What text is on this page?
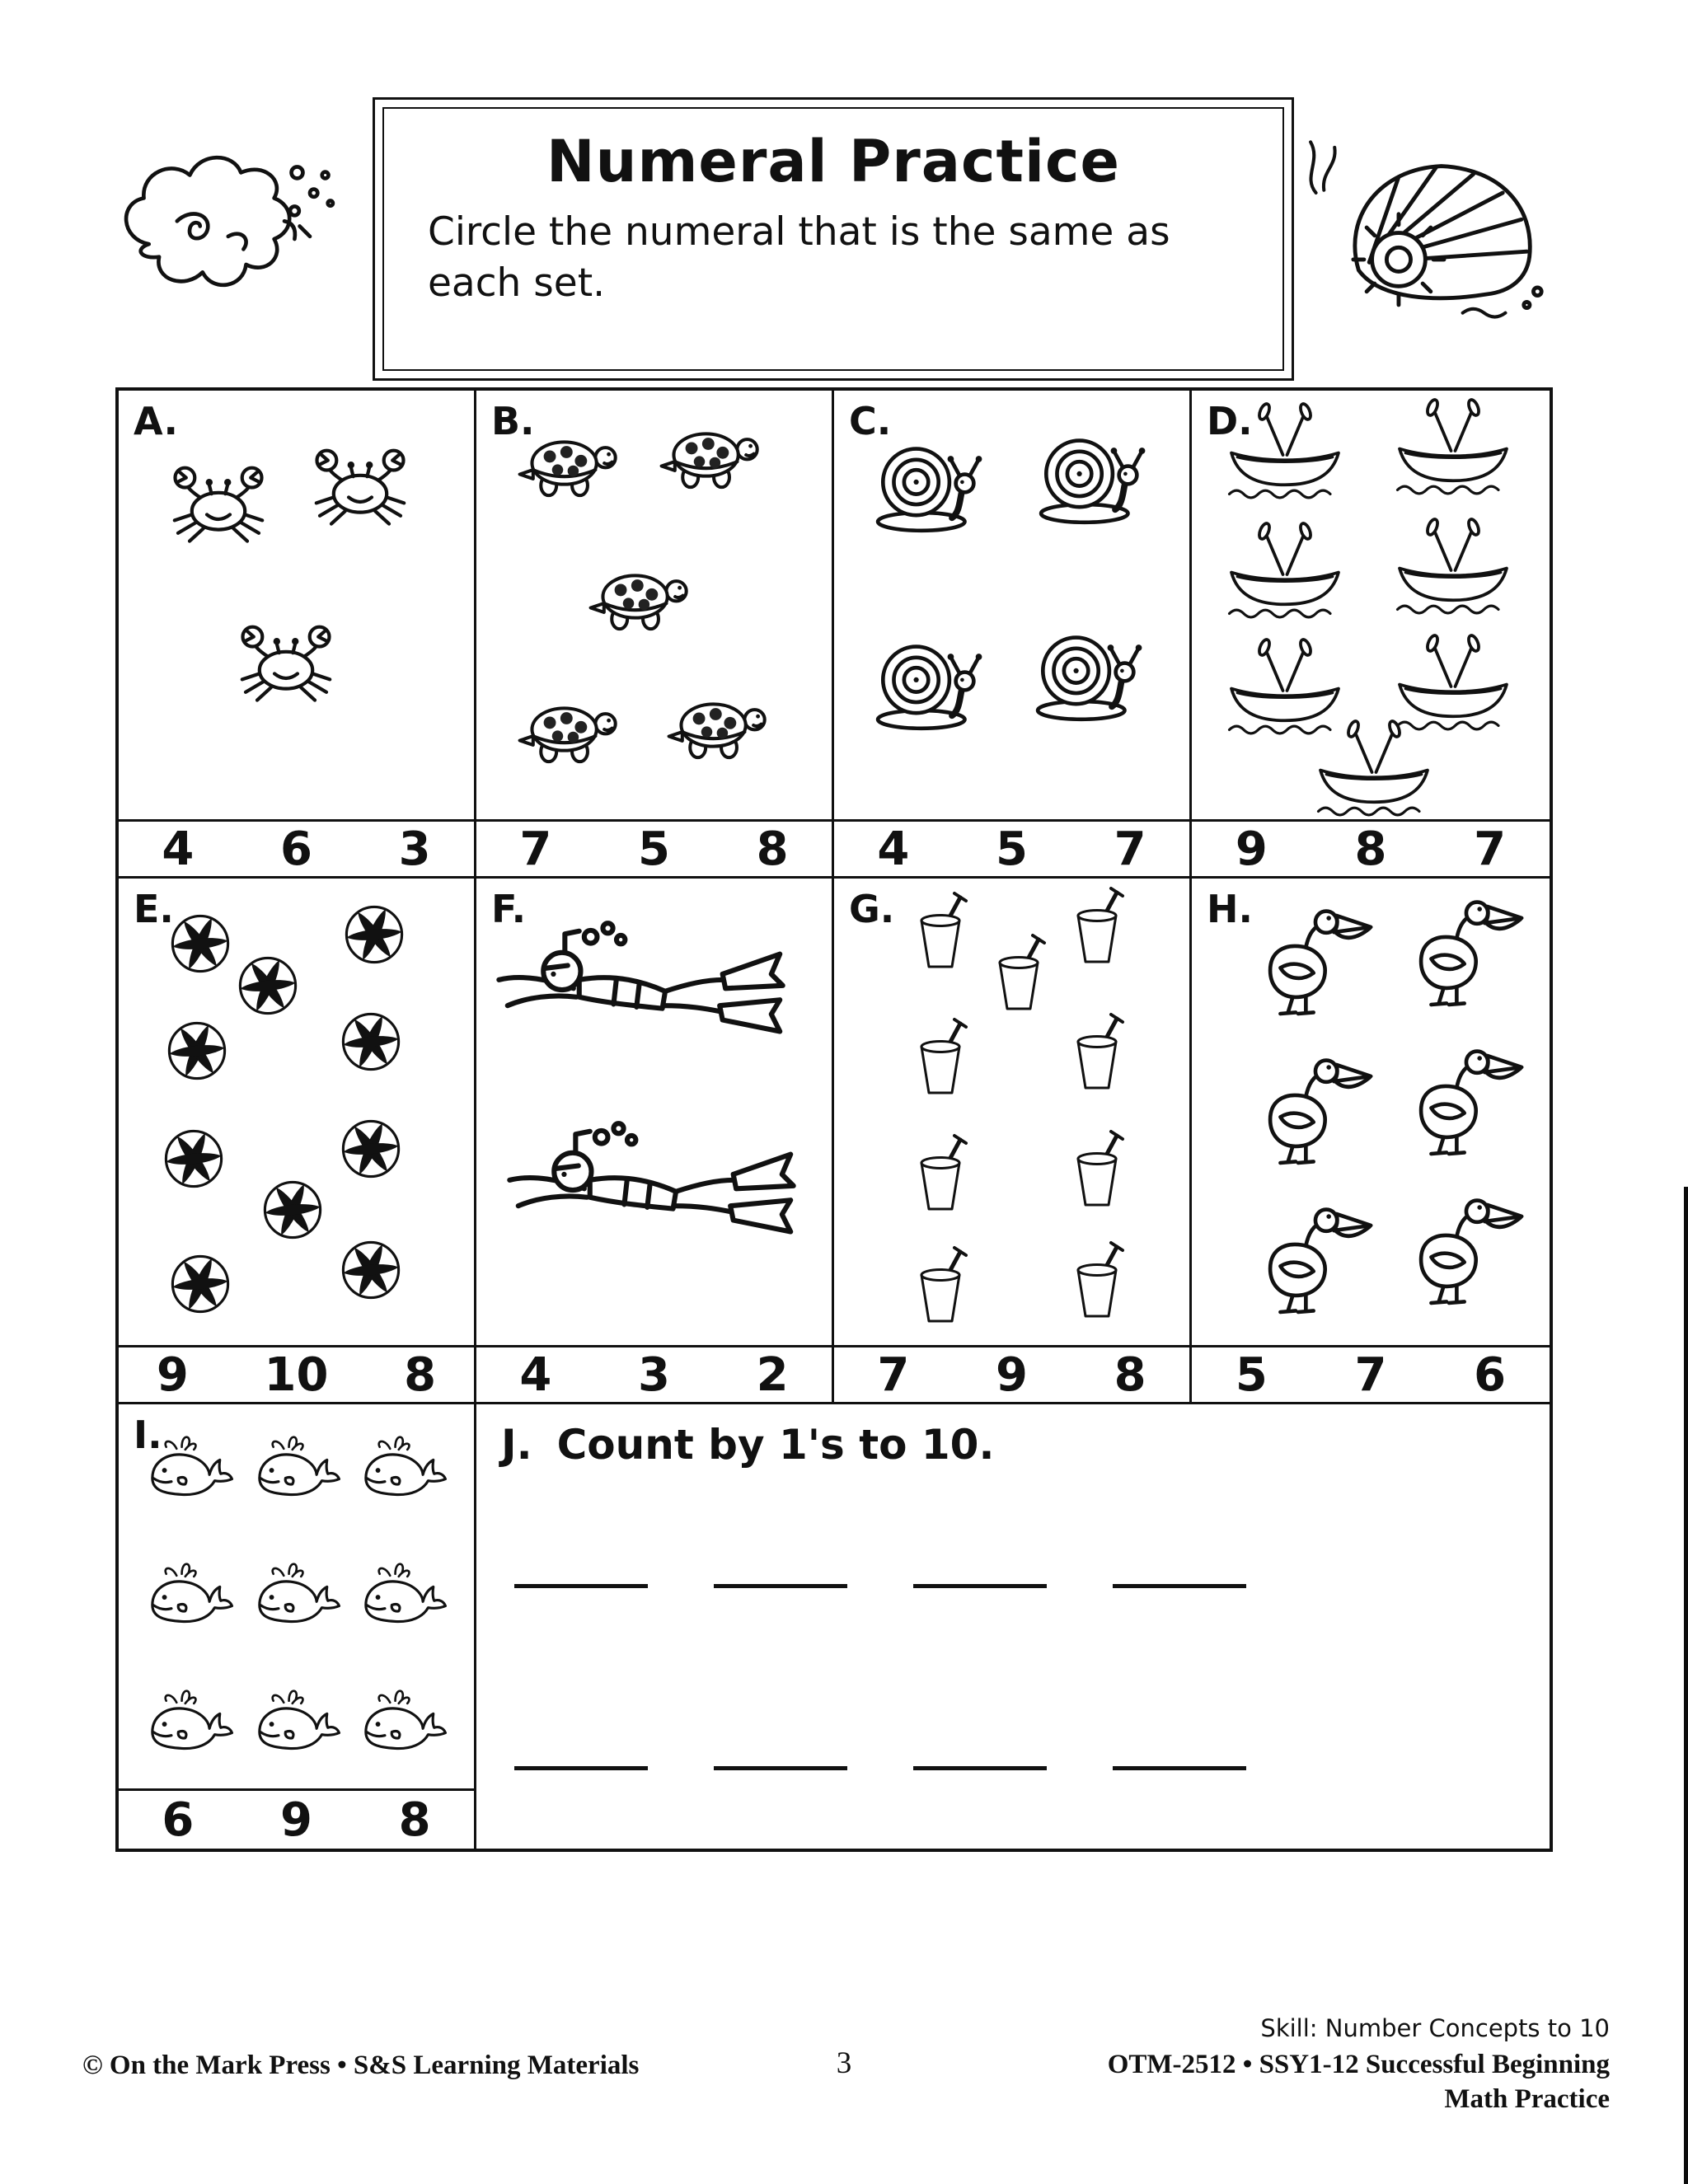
Numeral Practice

Circle the numeral that is the same as each set.

A.
4 6 3
B.
7 5 8
C.
4 5 7
D.
9 8 7
E.
9 10 8
F.
4 3 2
G.
7 9 8
H.
5 7 6
I.
6 9 8
J. Count by 1's to 10.
© On the Mark Press • S&S Learning Materials	3
Skill: Number Concepts to 10
OTM-2512 • SSY1-12 Successful Beginning
Math Practice
